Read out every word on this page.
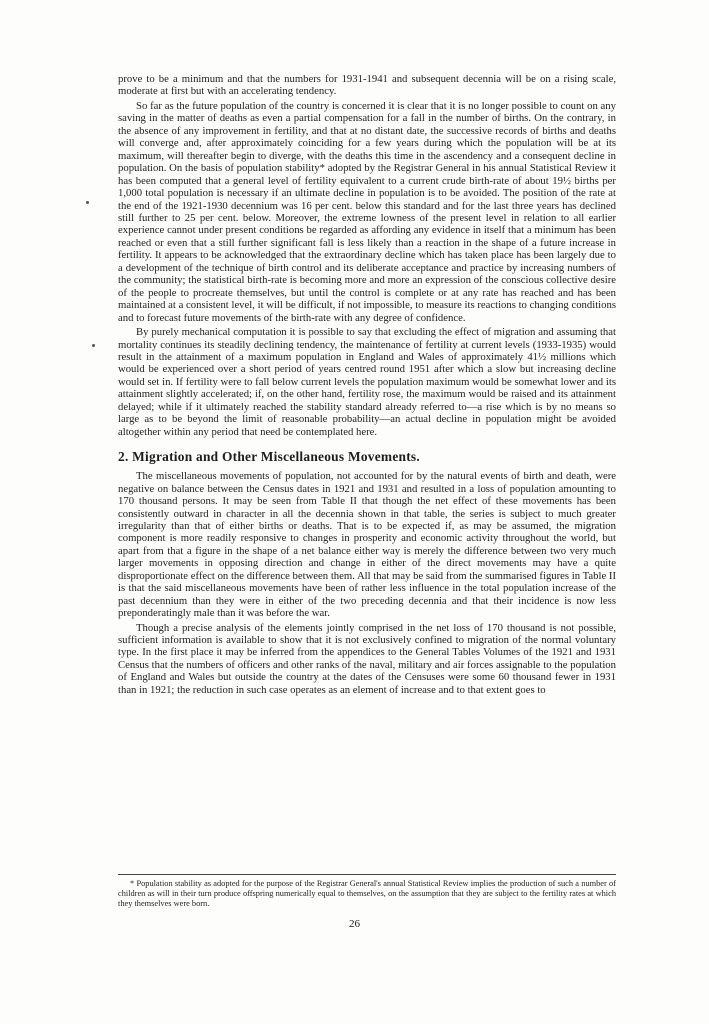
prove to be a minimum and that the numbers for 1931-1941 and subsequent decennia will be on a rising scale, moderate at first but with an accelerating tendency.

So far as the future population of the country is concerned it is clear that it is no longer possible to count on any saving in the matter of deaths as even a partial compensation for a fall in the number of births. On the contrary, in the absence of any improvement in fertility, and that at no distant date, the successive records of births and deaths will converge and, after approximately coinciding for a few years during which the population will be at its maximum, will thereafter begin to diverge, with the deaths this time in the ascendency and a consequent decline in population. On the basis of population stability* adopted by the Registrar General in his annual Statistical Review it has been computed that a general level of fertility equivalent to a current crude birth-rate of about 19½ births per 1,000 total population is necessary if an ultimate decline in population is to be avoided. The position of the rate at the end of the 1921-1930 decennium was 16 per cent. below this standard and for the last three years has declined still further to 25 per cent. below. Moreover, the extreme lowness of the present level in relation to all earlier experience cannot under present conditions be regarded as affording any evidence in itself that a minimum has been reached or even that a still further significant fall is less likely than a reaction in the shape of a future increase in fertility. It appears to be acknowledged that the extraordinary decline which has taken place has been largely due to a development of the technique of birth control and its deliberate acceptance and practice by increasing numbers of the community; the statistical birth-rate is becoming more and more an expression of the conscious collective desire of the people to procreate themselves, but until the control is complete or at any rate has reached and has been maintained at a consistent level, it will be difficult, if not impossible, to measure its reactions to changing conditions and to forecast future movements of the birth-rate with any degree of confidence.

By purely mechanical computation it is possible to say that excluding the effect of migration and assuming that mortality continues its steadily declining tendency, the maintenance of fertility at current levels (1933-1935) would result in the attainment of a maximum population in England and Wales of approximately 41½ millions which would be experienced over a short period of years centred round 1951 after which a slow but increasing decline would set in. If fertility were to fall below current levels the population maximum would be somewhat lower and its attainment slightly accelerated; if, on the other hand, fertility rose, the maximum would be raised and its attainment delayed; while if it ultimately reached the stability standard already referred to—a rise which is by no means so large as to be beyond the limit of reasonable probability—an actual decline in population might be avoided altogether within any period that need be contemplated here.

2. Migration and Other Miscellaneous Movements.

The miscellaneous movements of population, not accounted for by the natural events of birth and death, were negative on balance between the Census dates in 1921 and 1931 and resulted in a loss of population amounting to 170 thousand persons. It may be seen from Table II that though the net effect of these movements has been consistently outward in character in all the decennia shown in that table, the series is subject to much greater irregularity than that of either births or deaths. That is to be expected if, as may be assumed, the migration component is more readily responsive to changes in prosperity and economic activity throughout the world, but apart from that a figure in the shape of a net balance either way is merely the difference between two very much larger movements in opposing direction and change in either of the direct movements may have a quite disproportionate effect on the difference between them. All that may be said from the summarised figures in Table II is that the said miscellaneous movements have been of rather less influence in the total population increase of the past decennium than they were in either of the two preceding decennia and that their incidence is now less preponderatingly male than it was before the war.

Though a precise analysis of the elements jointly comprised in the net loss of 170 thousand is not possible, sufficient information is available to show that it is not exclusively confined to migration of the normal voluntary type. In the first place it may be inferred from the appendices to the General Tables Volumes of the 1921 and 1931 Census that the numbers of officers and other ranks of the naval, military and air forces assignable to the population of England and Wales but outside the country at the dates of the Censuses were some 60 thousand fewer in 1931 than in 1921; the reduction in such case operates as an element of increase and to that extent goes to

* Population stability as adopted for the purpose of the Registrar General's annual Statistical Review implies the production of such a number of children as will in their turn produce offspring numerically equal to themselves, on the assumption that they are subject to the fertility rates at which they themselves were born.

26
